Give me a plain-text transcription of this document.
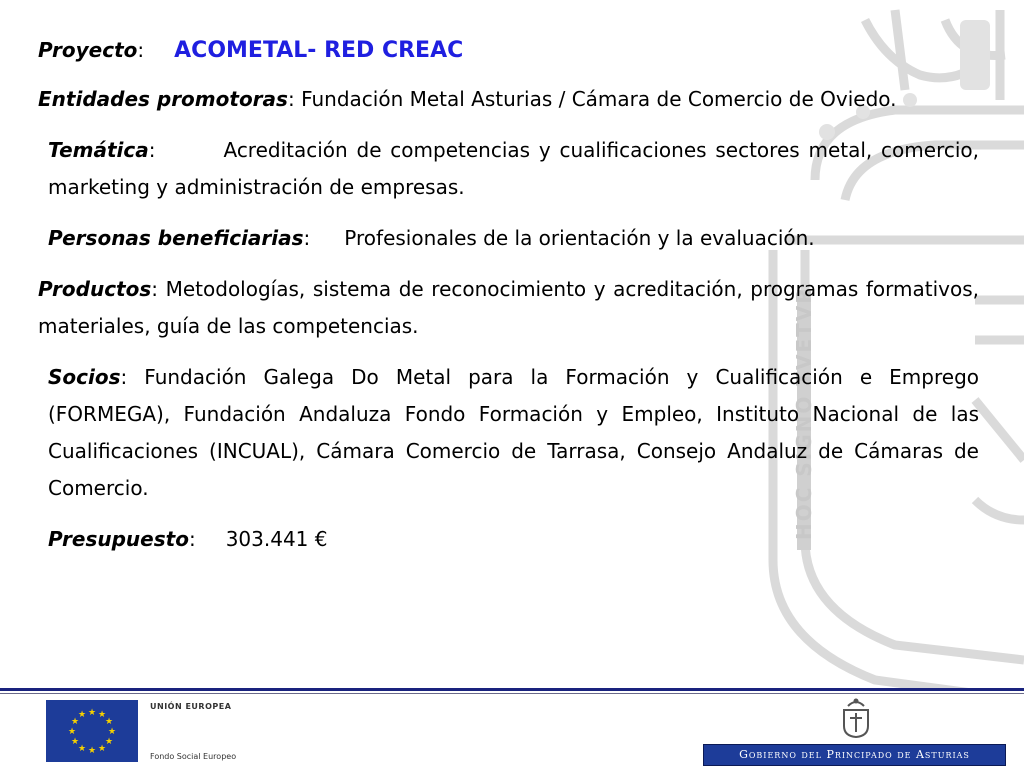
HOC SIGNO TVETVR
Proyecto: ACOMETAL- RED CREAC
Entidades promotoras: Fundación Metal Asturias / Cámara de Comercio de Oviedo.
Temática:	Acreditación de competencias y cualificaciones sectores metal, comercio, marketing y administración de empresas.
Personas beneficiarias: Profesionales de la orientación y la evaluación.
Productos: Metodologías, sistema de reconocimiento y acreditación, programas formativos, materiales, guía de las competencias.
Socios: Fundación Galega Do Metal para la Formación y Cualificación e Emprego (FORMEGA), Fundación Andaluza Fondo Formación y Empleo, Instituto Nacional de las Cualificaciones (INCUAL), Cámara Comercio de Tarrasa, Consejo Andaluz de Cámaras de Comercio.
Presupuesto: 303.441 €
★ ★
★
★
★
★
★
★
★
★
★
★
UNIÓN EUROPEA
Fondo Social Europeo	Gobierno del Principado de Asturias
